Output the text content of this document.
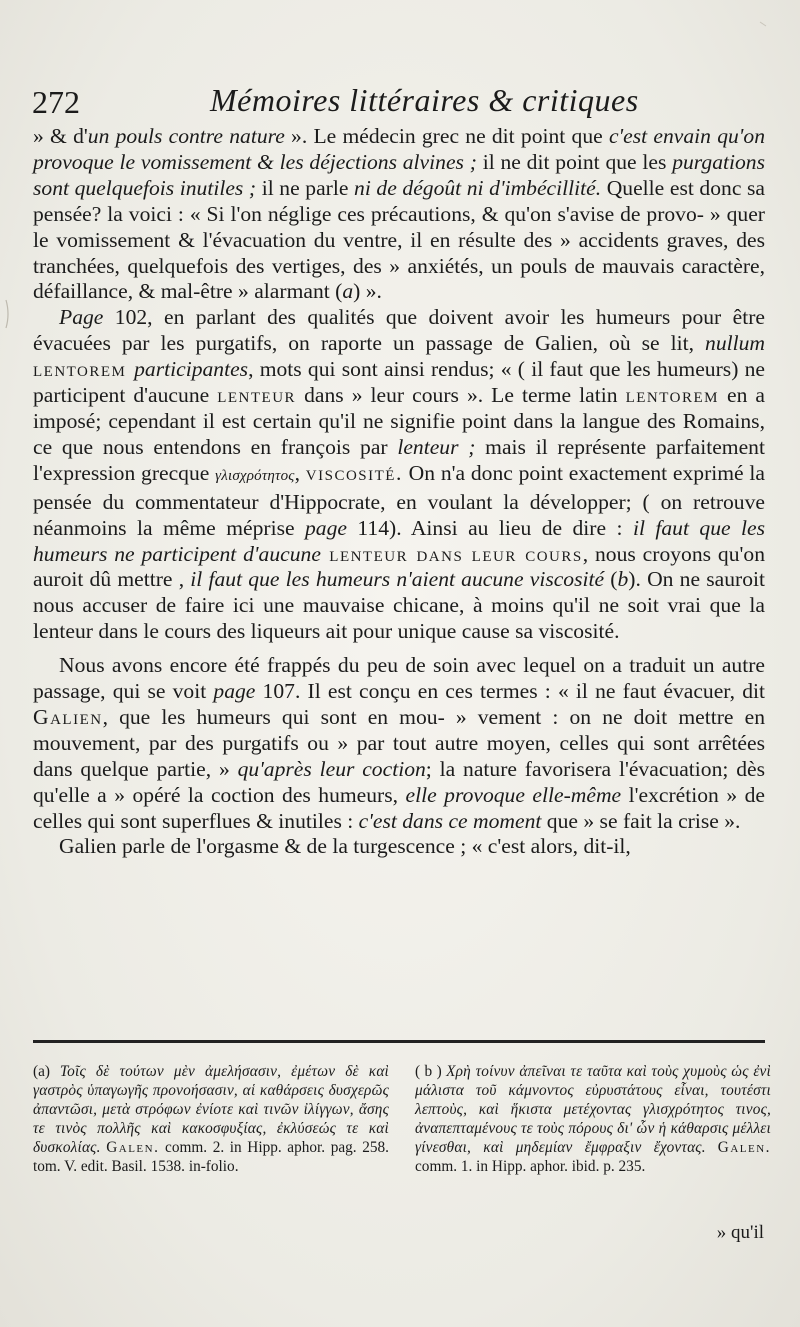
272	Mémoires littéraires & critiques

» & d'un pouls contre nature ». Le médecin grec ne dit point que c'est envain qu'on provoque le vomissement & les déjections alvines ; il ne dit point que les purgations sont quelquefois inutiles ; il ne parle ni de dégoût ni d'imbécillité. Quelle est donc sa pensée? la voici : « Si l'on néglige ces précautions, & qu'on s'avise de provo- » quer le vomissement & l'évacuation du ventre, il en résulte des » accidents graves, des tranchées, quelquefois des vertiges, des » anxiétés, un pouls de mauvais caractère, défaillance, & mal-être » alarmant (a) ».

Page 102, en parlant des qualités que doivent avoir les humeurs pour être évacuées par les purgatifs, on raporte un passage de Galien, où se lit, nullum lentorem participantes, mots qui sont ainsi rendus; « ( il faut que les humeurs) ne participent d'aucune lenteur dans » leur cours ». Le terme latin lentorem en a imposé; cependant il est certain qu'il ne signifie point dans la langue des Romains, ce que nous entendons en françois par lenteur ; mais il représente parfaitement l'expression grecque γλισχρότητος, viscosité. On n'a donc point exactement exprimé la pensée du commentateur d'Hippocrate, en voulant la développer; ( on retrouve néanmoins la même méprise page 114). Ainsi au lieu de dire : il faut que les humeurs ne participent d'aucune lenteur dans leur cours, nous croyons qu'on auroit dû mettre , il faut que les humeurs n'aient aucune viscosité (b). On ne sauroit nous accuser de faire ici une mauvaise chicane, à moins qu'il ne soit vrai que la lenteur dans le cours des liqueurs ait pour unique cause sa viscosité.

Nous avons encore été frappés du peu de soin avec lequel on a traduit un autre passage, qui se voit page 107. Il est conçu en ces termes : « il ne faut évacuer, dit Galien, que les humeurs qui sont en mou- » vement : on ne doit mettre en mouvement, par des purgatifs ou » par tout autre moyen, celles qui sont arrêtées dans quelque partie, » qu'après leur coction; la nature favorisera l'évacuation; dès qu'elle a » opéré la coction des humeurs, elle provoque elle-même l'excrétion » de celles qui sont superflues & inutiles : c'est dans ce moment que » se fait la crise ».

Galien parle de l'orgasme & de la turgescence ; « c'est alors, dit-il,

(a) Τοῖς δὲ τούτων μὲν ἀμελήσασιν, ἐμέτων δὲ καὶ γαστρὸς ὑπαγωγῆς προνοήσασιν, αἱ καθάρσεις δυσχερῶς ἀπαντῶσι, μετὰ στρόφων ἐνίοτε καὶ τινῶν ἰλίγγων, ἄσης τε τινὸς πολλῆς καὶ κακοσφυξίας, ἐκλύσεώς τε καὶ δυσκολίας. Galen. comm. 2. in Hipp. aphor. pag. 258. tom. V. edit. Basil. 1538. in-folio.
( b ) Χρὴ τοίνυν ἀπεῖναι τε ταῦτα καὶ τοὺς χυμοὺς ὡς ἐνὶ μάλιστα τοῦ κάμνοντος εὐρυστάτους εἶναι, τουτέστι λεπτοὺς, καὶ ἥκιστα μετέχοντας γλισχρότητος τινος, ἀναπεπταμένους τε τοὺς πόρους δι' ὧν ἡ κάθαρσις μέλλει γίνεσθαι, καὶ μηδεμίαν ἔμφραξιν ἔχοντας. Galen. comm. 1. in Hipp. aphor. ibid. p. 235.
» qu'il
